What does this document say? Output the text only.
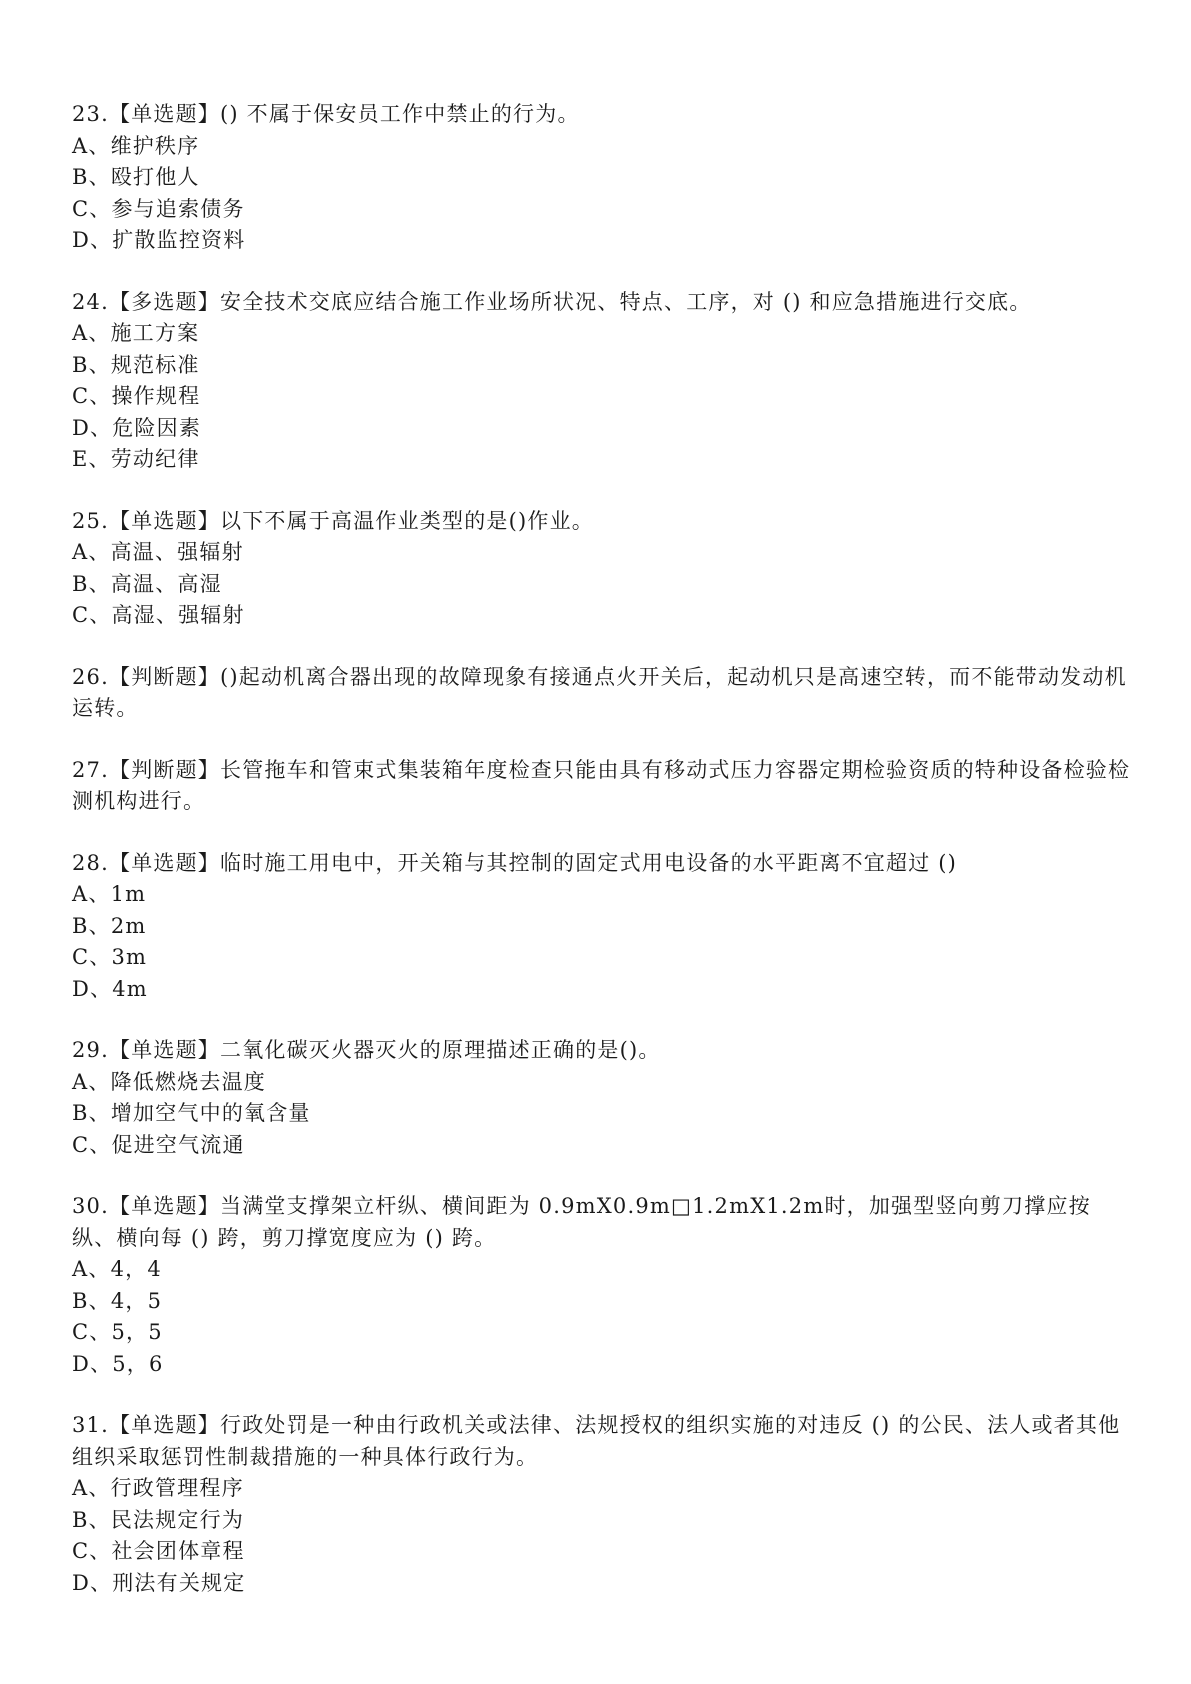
23.【单选题】() 不属于保安员工作中禁止的行为。
A、维护秩序
B、殴打他人
C、参与追索债务
D、扩散监控资料
24.【多选题】安全技术交底应结合施工作业场所状况、特点、工序，对 () 和应急措施进行交底。
A、施工方案
B、规范标准
C、操作规程
D、危险因素
E、劳动纪律
25.【单选题】以下不属于高温作业类型的是()作业。
A、高温、强辐射
B、高温、高湿
C、高湿、强辐射
26.【判断题】()起动机离合器出现的故障现象有接通点火开关后，起动机只是高速空转，而不能带动发动机运转。
27.【判断题】长管拖车和管束式集装箱年度检查只能由具有移动式压力容器定期检验资质的特种设备检验检测机构进行。
28.【单选题】临时施工用电中，开关箱与其控制的固定式用电设备的水平距离不宜超过 ()
A、1m
B、2m
C、3m
D、4m
29.【单选题】二氧化碳灭火器灭火的原理描述正确的是()。
A、降低燃烧去温度
B、增加空气中的氧含量
C、促进空气流通
30.【单选题】当满堂支撑架立杆纵、横间距为 0.9mX0.9m□1.2mX1.2m时，加强型竖向剪刀撑应按纵、横向每 () 跨，剪刀撑宽度应为 () 跨。
A、4，4
B、4，5
C、5，5
D、5，6
31.【单选题】行政处罚是一种由行政机关或法律、法规授权的组织实施的对违反 () 的公民、法人或者其他组织采取惩罚性制裁措施的一种具体行政行为。
A、行政管理程序
B、民法规定行为
C、社会团体章程
D、刑法有关规定
